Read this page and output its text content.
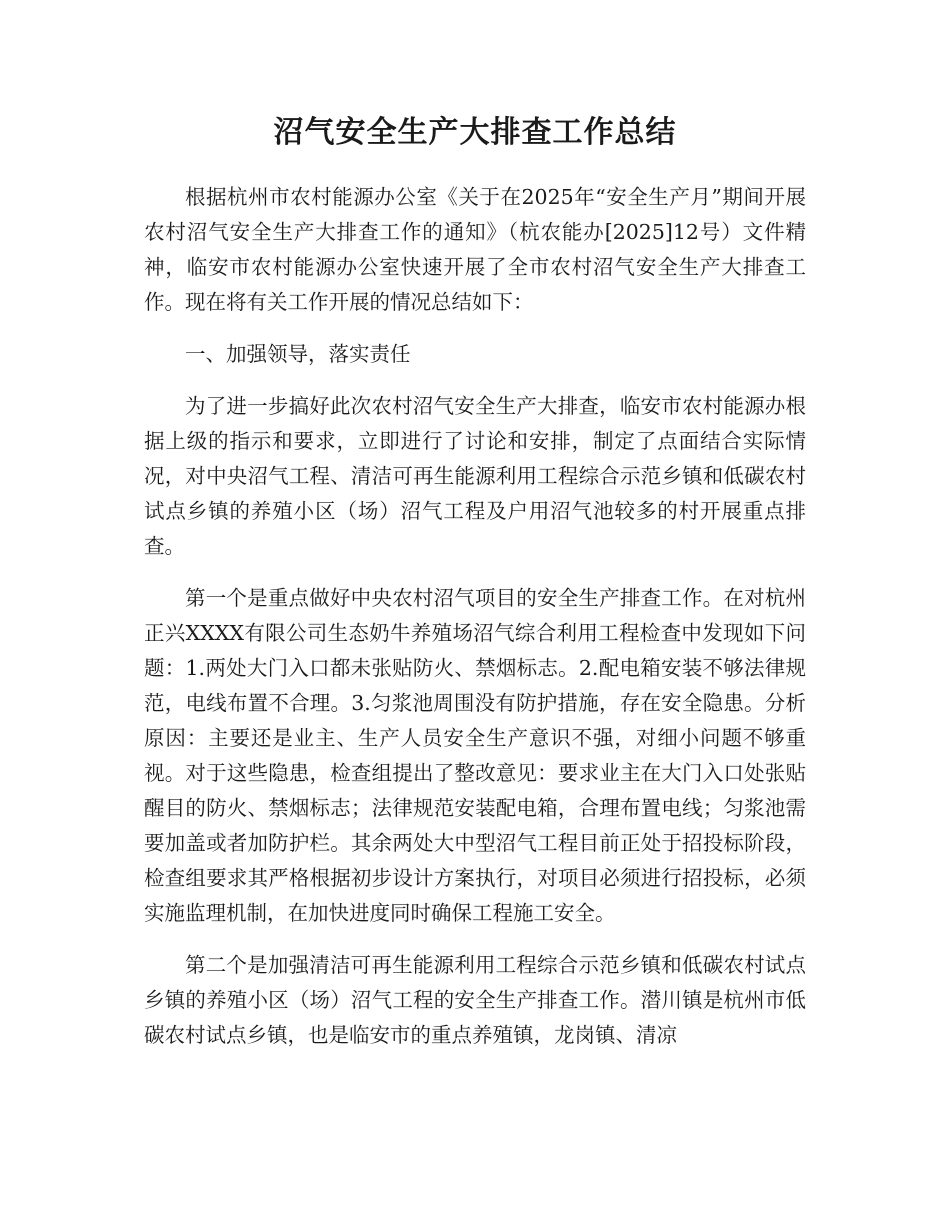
沼气安全生产大排查工作总结

根据杭州市农村能源办公室《关于在2025年“安全生产月”期间开展农村沼气安全生产大排查工作的通知》（杭农能办[2025]12号）文件精神，临安市农村能源办公室快速开展了全市农村沼气安全生产大排查工作。现在将有关工作开展的情况总结如下：

一、加强领导，落实责任

为了进一步搞好此次农村沼气安全生产大排查，临安市农村能源办根据上级的指示和要求，立即进行了讨论和安排，制定了点面结合实际情况，对中央沼气工程、清洁可再生能源利用工程综合示范乡镇和低碳农村试点乡镇的养殖小区（场）沼气工程及户用沼气池较多的村开展重点排查。

第一个是重点做好中央农村沼气项目的安全生产排查工作。在对杭州正兴XXXX有限公司生态奶牛养殖场沼气综合利用工程检查中发现如下问题：1.两处大门入口都未张贴防火、禁烟标志。2.配电箱安装不够法律规范，电线布置不合理。3.匀浆池周围没有防护措施，存在安全隐患。分析原因：主要还是业主、生产人员安全生产意识不强，对细小问题不够重视。对于这些隐患，检查组提出了整改意见：要求业主在大门入口处张贴醒目的防火、禁烟标志；法律规范安装配电箱，合理布置电线；匀浆池需要加盖或者加防护栏。其余两处大中型沼气工程目前正处于招投标阶段，检查组要求其严格根据初步设计方案执行，对项目必须进行招投标，必须实施监理机制，在加快进度同时确保工程施工安全。

第二个是加强清洁可再生能源利用工程综合示范乡镇和低碳农村试点乡镇的养殖小区（场）沼气工程的安全生产排查工作。潜川镇是杭州市低碳农村试点乡镇，也是临安市的重点养殖镇，龙岗镇、清凉
